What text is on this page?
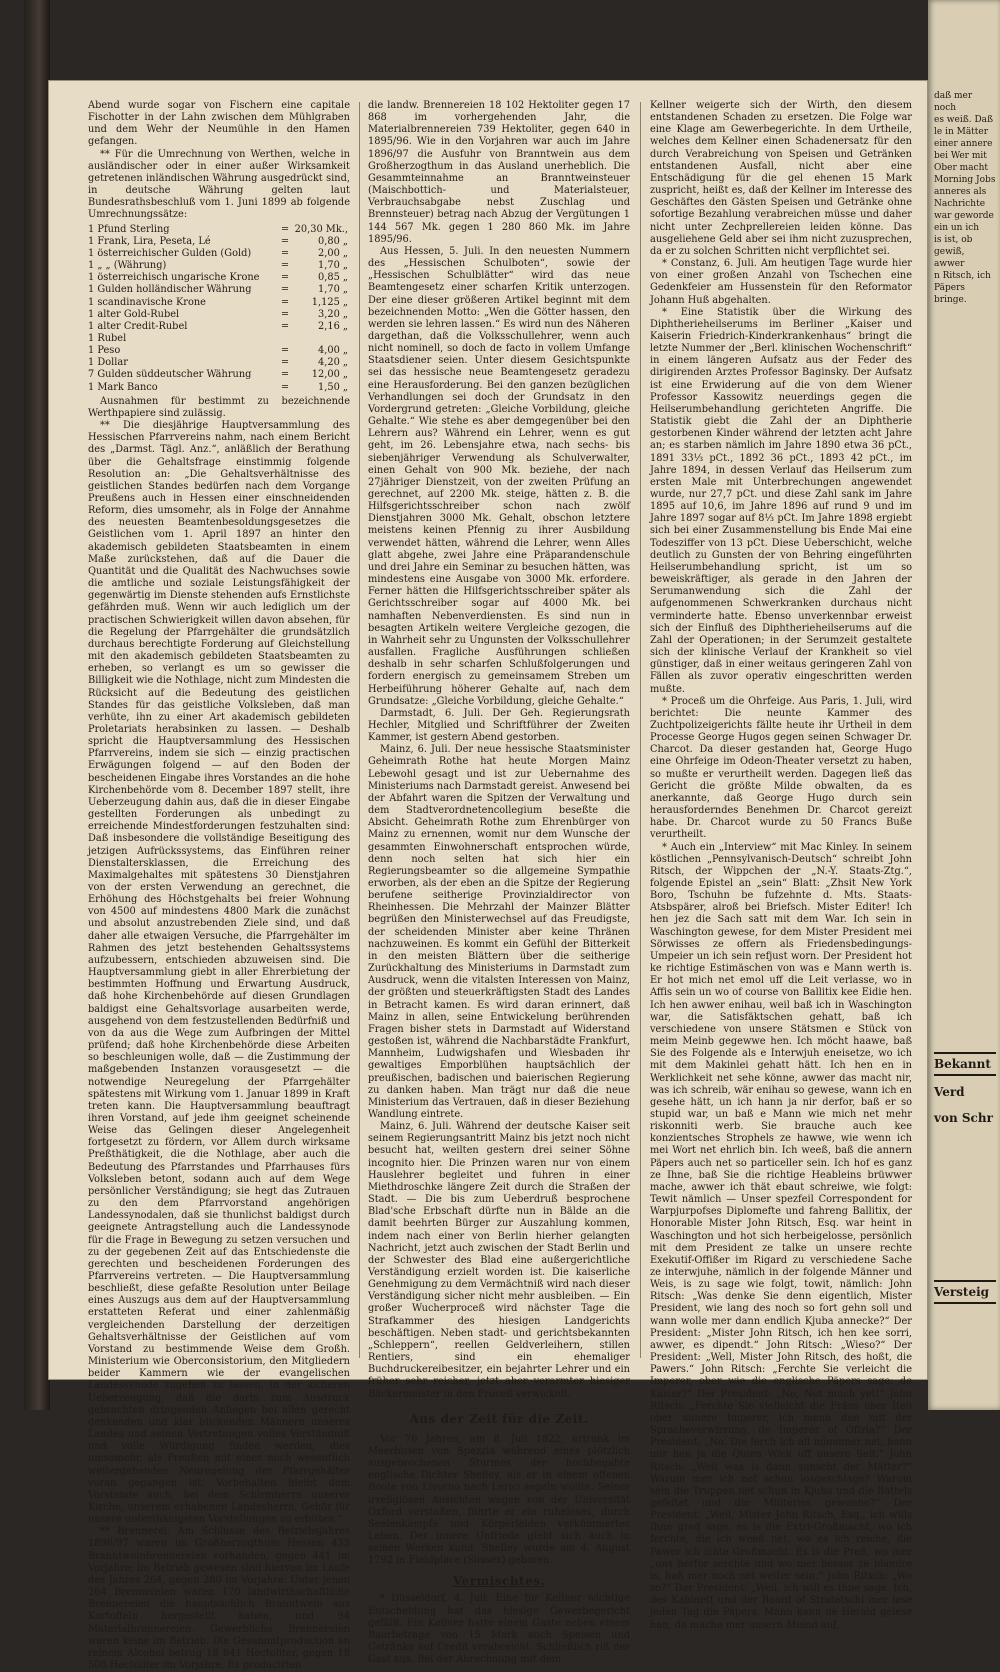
Abend wurde sogar von Fischern eine capitale Fischotter in der Lahn zwischen dem Mühlgraben und dem Wehr der Neumühle in den Hamen gefangen.

** Für die Umrechnung von Werthen, welche in ausländischer oder in einer außer Wirksamkeit getretenen inländischen Währung ausgedrückt sind, in deutsche Währung gelten laut Bundesrathsbeschluß vom 1. Juni 1899 ab folgende Umrechnungssätze:

1 Pfund Sterling	=	20,30 Mk.,
1 Frank, Lira, Peseta, Lé	=	0,80 „
1 österreichischer Gulden (Gold)	=	2,00 „
1 „ „ (Währung)	=	1,70 „
1 österreichisch ungarische Krone	=	0,85 „
1 Gulden holländischer Währung	=	1,70 „
1 scandinavische Krone	=	1,125 „
1 alter Gold-Rubel	=	3,20 „
1 alter Credit-Rubel	=	2,16 „
1 Rubel		
1 Peso	=	4,00 „
1 Dollar	=	4,20 „
7 Gulden süddeutscher Währung	=	12,00 „
1 Mark Banco	=	1,50 „

Ausnahmen für bestimmt zu bezeichnende Werthpapiere sind zulässig.

** Die diesjährige Hauptversammlung des Hessischen Pfarrvereins nahm, nach einem Bericht des „Darmst. Tägl. Anz.“, anläßlich der Berathung über die Gehaltsfrage einstimmig folgende Resolution an: „Die Gehaltsverhältnisse des geistlichen Standes bedürfen nach dem Vorgange Preußens auch in Hessen einer einschneidenden Reform, dies umsomehr, als in Folge der Annahme des neuesten Beamtenbesoldungsgesetzes die Geistlichen vom 1. April 1897 an hinter den akademisch gebildeten Staatsbeamten in einem Maße zurückstehen, daß auf die Dauer die Quantität und die Qualität des Nachwuchses sowie die amtliche und soziale Leistungsfähigkeit der gegenwärtig im Dienste stehenden aufs Ernstlichste gefährden muß. Wenn wir auch lediglich um der practischen Schwierigkeit willen davon absehen, für die Regelung der Pfarrgehälter die grundsätzlich durchaus berechtigte Forderung auf Gleichstellung mit den akademisch gebildeten Staatsbeamten zu erheben, so verlangt es um so gewisser die Billigkeit wie die Nothlage, nicht zum Mindesten die Rücksicht auf die Bedeutung des geistlichen Standes für das geistliche Volksleben, daß man verhüte, ihn zu einer Art akademisch gebildeten Proletariats herabsinken zu lassen. — Deshalb spricht die Hauptversammlung des Hessischen Pfarrvereins, indem sie sich — einzig practischen Erwägungen folgend — auf den Boden der bescheidenen Eingabe ihres Vorstandes an die hohe Kirchenbehörde vom 8. December 1897 stellt, ihre Ueberzeugung dahin aus, daß die in dieser Eingabe gestellten Forderungen als unbedingt zu erreichende Mindestforderungen festzuhalten sind: Daß insbesondere die vollständige Beseitigung des jetzigen Aufrückssystems, das Einführen reiner Dienstaltersklassen, die Erreichung des Maximalgehaltes mit spätestens 30 Dienstjahren von der ersten Verwendung an gerechnet, die Erhöhung des Höchstgehalts bei freier Wohnung von 4500 auf mindestens 4800 Mark die zunächst und absolut anzustrebenden Ziele sind, und daß daher alle etwaigen Versuche, die Pfarrgehälter im Rahmen des jetzt bestehenden Gehaltssystems aufzubessern, entschieden abzuweisen sind. Die Hauptversammlung giebt in aller Ehrerbietung der bestimmten Hoffnung und Erwartung Ausdruck, daß hohe Kirchenbehörde auf diesen Grundlagen baldigst eine Gehaltsvorlage ausarbeiten werde, ausgehend von dem festzustellenden Bedürfniß und von da aus die Wege zum Aufbringen der Mittel prüfend; daß hohe Kirchenbehörde diese Arbeiten so beschleunigen wolle, daß — die Zustimmung der maßgebenden Instanzen vorausgesetzt — die notwendige Neuregelung der Pfarrgehälter spätestens mit Wirkung vom 1. Januar 1899 in Kraft treten kann. Die Hauptversammlung beauftragt ihren Vorstand, auf jede ihm geeignet scheinende Weise das Gelingen dieser Angelegenheit fortgesetzt zu fördern, vor Allem durch wirksame Preßthätigkeit, die die Nothlage, aber auch die Bedeutung des Pfarrstandes und Pfarrhauses fürs Volksleben betont, sodann auch auf dem Wege persönlicher Verständigung; sie hegt das Zutrauen zu den dem Pfarrvorstand angehörigen Landessynodalen, daß sie thunlichst baldigst durch geeignete Antragstellung auch die Landessynode für die Frage in Bewegung zu setzen versuchen und zu der gegebenen Zeit auf das Entschiedenste die gerechten und bescheidenen Forderungen des Pfarrvereins vertreten. — Die Hauptversammlung beschließt, diese gefaßte Resolution unter Beilage eines Auszugs aus dem auf der Hauptversammlung erstatteten Referat und einer zahlenmäßig vergleichenden Darstellung der derzeitigen Gehaltsverhältnisse der Geistlichen auf vom Vorstand zu bestimmende Weise dem Großh. Ministerium wie Oberconsistorium, den Mitgliedern beider Kammern wie der evangelischen Landessynode zugehen zu lassen, in der sicheren Ueberzeugung, daß die darin zum Ausdruck gebrachten dringenden Anliegen bei allen gerecht denkenden und klar blickenden Männern unseres Landes und seinen Vertretungen volles Verständniß und volle Würdigung finden werden, dies umsomehr, als Preußen mit einer noch wesentlich weitergehenden Neuregelung der Pfarrgehälter voran gegangen ist. Vorbehalten bleibt dem Vorstande auch, bei dem Schirmherrn unserer Kirche, unserem erhabenen Landesherrn, Gehör für unsere unterthänigsten Vorstellungen zu erbitten.“

** Brennerei. Am Schlusse des Betriebsjahres 1896/97 waren im Großherzogthum Hessen 435 Branntweinbrennereien vorhanden, gegen 441 im Vorjahre; im Betrieb gewesen sind hiervon im Laufe des Jahres 264, gegen 280 im Vorjahre. Unter jenen 264 Brennereien waren 170 landwirthschaftliche Brennereien die hauptsächlich Branntwein aus Kartoffeln hergestellt haben, und 94 Materialbrennereien. Gewerbliche Brennereien waren keine im Betrieb. Die Gesammtproduction an reinem Alcohol betrug 18 841 Hectoliter, gegen 18 508 Hectoliter im Vorjahre. Es producirten

die landw. Brennereien 18 102 Hektoliter gegen 17 868 im vorhergehenden Jahr, die Materialbrennereien 739 Hektoliter, gegen 640 in 1895/96. Wie in den Vorjahren war auch im Jahre 1896/97 die Ausfuhr von Branntwein aus dem Großherzogthum in das Ausland unerheblich. Die Gesammteinnahme an Branntweinsteuer (Maischbottich- und Materialsteuer, Verbrauchsabgabe nebst Zuschlag und Brennsteuer) betrag nach Abzug der Vergütungen 1 144 567 Mk. gegen 1 280 860 Mk. im Jahre 1895/96.

Aus Hessen, 5. Juli. In den neuesten Nummern des „Hessischen Schulboten“, sowie der „Hessischen Schulblätter“ wird das neue Beamtengesetz einer scharfen Kritik unterzogen. Der eine dieser größeren Artikel beginnt mit dem bezeichnenden Motto: „Wen die Götter hassen, den werden sie lehren lassen.“ Es wird nun des Näheren dargethan, daß die Volksschullehrer, wenn auch nicht nominell, so doch de facto in vollem Umfange Staatsdiener seien. Unter diesem Gesichtspunkte sei das hessische neue Beamtengesetz geradezu eine Herausforderung. Bei den ganzen bezüglichen Verhandlungen sei doch der Grundsatz in den Vordergrund getreten: „Gleiche Vorbildung, gleiche Gehalte.“ Wie stehe es aber demgegenüber bei den Lehrern aus? Während ein Lehrer, wenn es gut geht, im 26. Lebensjahre etwa, nach sechs- bis siebenjähriger Verwendung als Schulverwalter, einen Gehalt von 900 Mk. beziehe, der nach 27jähriger Dienstzeit, von der zweiten Prüfung an gerechnet, auf 2200 Mk. steige, hätten z. B. die Hilfsgerichtsschreiber schon nach zwölf Dienstjahren 3000 Mk. Gehalt, obschon letztere meistens keinen Pfennig zu ihrer Ausbildung verwendet hätten, während die Lehrer, wenn Alles glatt abgehe, zwei Jahre eine Präparandenschule und drei Jahre ein Seminar zu besuchen hätten, was mindestens eine Ausgabe von 3000 Mk. erfordere. Ferner hätten die Hilfsgerichtsschreiber später als Gerichtsschreiber sogar auf 4000 Mk. bei namhaften Nebenverdiensten. Es sind nun in besagten Artikeln weitere Vergleiche gezogen, die in Wahrheit sehr zu Ungunsten der Volksschullehrer ausfallen. Fragliche Ausführungen schließen deshalb in sehr scharfen Schlußfolgerungen und fordern energisch zu gemeinsamem Streben um Herbeiführung höherer Gehalte auf, nach dem Grundsatze: „Gleiche Vorbildung, gleiche Gehalte.“

Darmstadt, 6. Juli. Der Geh. Regierungsrath Hechler, Mitglied und Schriftführer der Zweiten Kammer, ist gestern Abend gestorben.

Mainz, 6. Juli. Der neue hessische Staatsminister Geheimrath Rothe hat heute Morgen Mainz Lebewohl gesagt und ist zur Uebernahme des Ministeriums nach Darmstadt gereist. Anwesend bei der Abfahrt waren die Spitzen der Verwaltung und dem Stadtverordnetencollegium beseßte die Absicht. Geheimrath Rothe zum Ehrenbürger von Mainz zu ernennen, womit nur dem Wunsche der gesammten Einwohnerschaft entsprochen würde, denn noch selten hat sich hier ein Regierungsbeamter so die allgemeine Sympathie erworben, als der eben an die Spitze der Regierung berufene seitherige Provinzialdirector von Rheinhessen. Die Mehrzahl der Mainzer Blätter begrüßen den Ministerwechsel auf das Freudigste, der scheidenden Minister aber keine Thränen nachzuweinen. Es kommt ein Gefühl der Bitterkeit in den meisten Blättern über die seitherige Zurückhaltung des Ministeriums in Darmstadt zum Ausdruck, wenn die vitalsten Interessen von Mainz, der größten und steuerkräftigsten Stadt des Landes in Betracht kamen. Es wird daran erinnert, daß Mainz in allen, seine Entwickelung berührenden Fragen bisher stets in Darmstadt auf Widerstand gestoßen ist, während die Nachbarstädte Frankfurt, Mannheim, Ludwigshafen und Wiesbaden ihr gewaltiges Emporblühen hauptsächlich der preußischen, badischen und baierischen Regierung zu danken haben. Man trägt nur daß die neue Ministerium das Vertrauen, daß in dieser Beziehung Wandlung eintrete.

Mainz, 6. Juli. Während der deutsche Kaiser seit seinem Regierungsantritt Mainz bis jetzt noch nicht besucht hat, weilten gestern drei seiner Söhne incognito hier. Die Prinzen waren nur von einem Hauslehrer begleitet und fuhren in einer Miethdroschke längere Zeit durch die Straßen der Stadt. — Die bis zum Ueberdruß besprochene Blad'sche Erbschaft dürfte nun in Bälde an die damit beehrten Bürger zur Auszahlung kommen, indem nach einer von Berlin hierher gelangten Nachricht, jetzt auch zwischen der Stadt Berlin und der Schwester des Blad eine außergerichtliche Verständigung erzielt worden ist. Die kaiserliche Genehmigung zu dem Vermächtniß wird nach dieser Verständigung sicher nicht mehr ausbleiben. — Ein großer Wucherproceß wird nächster Tage die Strafkammer des hiesigen Landgerichts beschäftigen. Neben stadt- und gerichtsbekannten „Schleppern“, reellen Geldverleihern, stillen Rentiers, sind ein ehemaliger Buchdruckereibesitzer, ein bejahrter Lehrer und ein früher sehr reicher, jetzt aber verarmter hiesiger Bäckermeister in den Proceß verwickelt.

Aus der Zeit für die Zeit.

Vor 76 Jahren, am 8. Juli 1822, ertrank im Meerbusen von Spezzia während eines plötzlich ausgebrochenen Sturmes der hochbegabte englische Dichter Shelley, als er in einem offenen Boote von Livorno nach Lerici segeln wollte. Seiner irreligiösen Ansichten wegen von der Universität Oxford verstoßen, führte er ein ruheloses, durch Seelenkämpfe und Körperleiden verkümmertes Leben. Der innere Unfriede giebt sich auch in seinen Werken kund. Shelley wurde am 4. August 1792 in Fieldplace (Sussex) geboren.

Vermischtes.

* Düsseldorf, 4. Juli. Eine für Kellner wichtige Entscheidung hat das hiesige Gewerbegericht gefällt. Ein Kellner hatte einem Gaste neben einem Baarbetrage von 15 Mark auch Speisen und Getränke auf Credit verabreicht. Schließlich riß der Gast aus. Bei der Abrechnung mit dem

Kellner weigerte sich der Wirth, den diesem entstandenen Schaden zu ersetzen. Die Folge war eine Klage am Gewerbegerichte. In dem Urtheile, welches dem Kellner einen Schadenersatz für den durch Verabreichung von Speisen und Getränken entstandenen Ausfall, nicht aber eine Entschädigung für die gel ehenen 15 Mark zuspricht, heißt es, daß der Kellner im Interesse des Geschäftes den Gästen Speisen und Getränke ohne sofortige Bezahlung verabreichen müsse und daher nicht unter Zechprellereien leiden könne. Das ausgeliehene Geld aber sei ihm nicht zuzusprechen, da er zu solchen Schritten nicht verpflichtet sei.

* Constanz, 6. Juli. Am heutigen Tage wurde hier von einer großen Anzahl von Tschechen eine Gedenkfeier am Hussenstein für den Reformator Johann Huß abgehalten.

* Eine Statistik über die Wirkung des Diphtherieheilserums im Berliner „Kaiser und Kaiserin Friedrich-Kinderkrankenhaus“ bringt die letzte Nummer der „Berl. klinischen Wochenschrift“ in einem längeren Aufsatz aus der Feder des dirigirenden Arztes Professor Baginsky. Der Aufsatz ist eine Erwiderung auf die von dem Wiener Professor Kassowitz neuerdings gegen die Heilserumbehandlung gerichteten Angriffe. Die Statistik giebt die Zahl der an Diphtherie gestorbenen Kinder während der letzten acht Jahre an; es starben nämlich im Jahre 1890 etwa 36 pCt., 1891 33⅓ pCt., 1892 36 pCt., 1893 42 pCt., im Jahre 1894, in dessen Verlauf das Heilserum zum ersten Male mit Unterbrechungen angewendet wurde, nur 27,7 pCt. und diese Zahl sank im Jahre 1895 auf 10,6, im Jahre 1896 auf rund 9 und im Jahre 1897 sogar auf 8⅓ pCt. Im Jahre 1898 ergiebt sich bei einer Zusammenstellung bis Ende Mai eine Todesziffer von 13 pCt. Diese Ueberschicht, welche deutlich zu Gunsten der von Behring eingeführten Heilserumbehandlung spricht, ist um so beweiskräftiger, als gerade in den Jahren der Serumanwendung sich die Zahl der aufgenommenen Schwerkranken durchaus nicht verminderte hatte. Ebenso unverkennbar erweist sich der Einfluß des Diphtherieheilserums auf die Zahl der Operationen; in der Serumzeit gestaltete sich der klinische Verlauf der Krankheit so viel günstiger, daß in einer weitaus geringeren Zahl von Fällen als zuvor operativ eingeschritten werden mußte.

* Proceß um die Ohrfeige. Aus Paris, 1. Juli, wird berichtet: Die neunte Kammer des Zuchtpolizeigerichts fällte heute ihr Urtheil in dem Processe George Hugos gegen seinen Schwager Dr. Charcot. Da dieser gestanden hat, George Hugo eine Ohrfeige im Odeon-Theater versetzt zu haben, so mußte er verurtheilt werden. Dagegen ließ das Gericht die größte Milde obwalten, da es anerkannte, daß George Hugo durch sein herausforderndes Benehmen Dr. Charcot gereizt habe. Dr. Charcot wurde zu 50 Francs Buße verurtheilt.

* Auch ein „Interview“ mit Mac Kinley. In seinem köstlichen „Pennsylvanisch-Deutsch“ schreibt John Ritsch, der Wippchen der „N.-Y. Staats-Ztg.“, folgende Epistel an „sein“ Blatt: „Zhsit New York Boro, Tschuhn be fufzehnte d. Mts. Staats-Atsbspärer, alroß bei Briefsch. Mister Editer! Ich hen jez die Sach satt mit dem War. Ich sein in Waschington gewese, for dem Mister President mei Sörwisses ze offern als Friedensbedingungs-Umpeier un ich sein refjust worn. Der President hot ke richtige Estimäschen von was e Mann werth is. Er hot mich net emol uff die Leit verlasse, wo in Affis sein un wo of course von Ballitix kee Eidie hen. Ich hen awwer enihau, weil baß ich in Waschington war, die Satisfäktschen gehatt, baß ich verschiedene von unsere Stätsmen e Stück von meim Meinb gegewwe hen. Ich möcht haawe, baß Sie des Folgende als e Interwjuh eneisetze, wo ich mit dem Makinlei gehatt hätt. Ich hen en in Werklichkeit net sehe könne, awwer das macht nir, was ich schreib, wär enihau so gewese, wann ich en gesehe hätt, un ich hann ja nir derfor, baß er so stupid war, un baß e Mann wie mich net mehr riskonniti werb. Sie brauche auch kee konzientsches Strophels ze hawwe, wie wenn ich mei Wort net ehrlich bin. Ich weeß, baß die annern Päpers auch net so particeller sein. Ich hof es ganz ze Ihne, baß Sie die richtige Heableins brüwwer mache, awwer ich thät ebaut schreiwe, wie folgt: Tewit nämlich — Unser spezfeil Correspondent for Warpjurpofses Diplomefte und fahreng Ballitix, der Honorable Mister John Ritsch, Esq. war heint in Waschington und hot sich herbeigelosse, persönlich mit dem President ze talke un unsere rechte Exekutif-Offißer im Rigard zu verschiedene Sache ze interwjuhe, nämlich in der folgende Männer und Weis, is zu sage wie folgt, towit, nämlich: John Ritsch: „Was denke Sie denn eigentlich, Mister President, wie lang des noch so fort gehn soll und wann wolle mer dann endlich Kjuba annecke?“ Der President: „Mister John Ritsch, ich hen kee sorri, awwer, es dipendt.“ John Ritsch: „Wieso?“ Der President: „Well, Mister John Ritsch, des hoßt, die Pawers.“ John Ritsch: „Ferchte Sie verleicht die Imperer, ober wie die englische Päpers sage: de Kaiser?“ Der President: „No, Not much yet!“ John Ritsch: „Ferchte Sie vielleicht die Fräns ober Iteli ober annere Imperer, ich menn den mit der Spracheverwirrung, de Imperer of Oftria?“ Der President: „No. Die ferch ich all minanner net, bann mir hen ja die Quien Wick uff unsere Seit.“ John Ritsch: „Weil was is dann sunscht der Mätter?“ Warum mer ich net schun losgeschlage? Warum sein die Truppen net schun in Kjuba und die Battels gefeitet und die Militeries gewonne?“ Der President: „Well, Mister John Ritsch, Esq., ich wills Ihne grad sage, es is die Extri-Großmacht, wo ich ferchte, die ich weeß net, wo es ich reiche, die Pawer ich ichte Großmacht. Es is die Preß, wo mer „uns herfor serchte und wo mer bessor ze blamire is, baß mer noch net weiter sein.“ John Ritsch: „Wo so?“ Der President: „Weil, ich will es Ihne sage. Ich, des Kabinett und der Board of Stratetschi mer lese jeden Tag die Päpers. Mann kann ne Herald gelese han, da mache mer unsern Meind auf,

daß mer noch
es weiß. Daß
le in Mätter
einer annere
bei Wer mit
Ober macht
Morning Jobs
anneres als
Nachrichte
war geworde
ein un ich
is ist, ob
gewiß, awwer
n Ritsch, ich
Päpers bringe.
Bekannt
Verd
von Schr
Versteig
